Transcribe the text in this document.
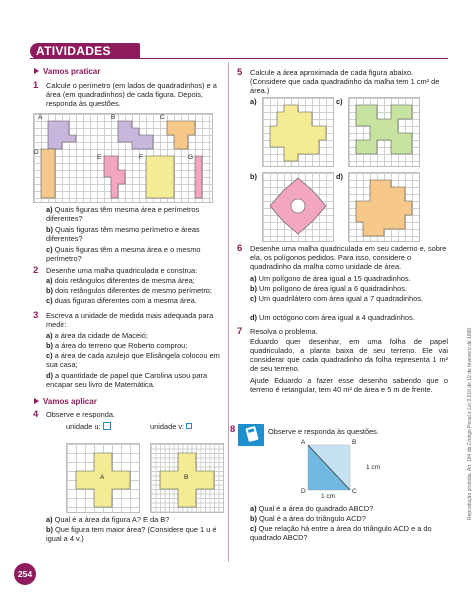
ATIVIDADES
Vamos praticar
1 Calcule o perímetro (em lados de quadradinhos) e a área (em quadradinhos) de cada figura. Depois, responda às questões.
A	B	C
D
E	F	G
a) Quais figuras têm mesma área e perímetros diferentes?
b) Quais figuras têm mesmo perímetro e áreas diferentes?
c) Quais figuras têm a mesma área e o mesmo perímetro?
2 Desenhe uma malha quadriculada e construa:
a) dois retângulos diferentes de mesma área;
b) dois retângulos diferentes de mesmo perímetro;
c) duas figuras diferentes com a mesma área.
3 Escreva a unidade de medida mais adequada para medir:
a) a área da cidade de Maceió;
b) a área do terreno que Roberto comprou;
c) a área de cada azulejo que Elisângela colocou em sua casa;
d) a quantidade de papel que Carolina usou para encapar seu livro de Matemática.
Vamos aplicar
4 Observe e responda.
unidade u:	unidade v:
A	B
a) Qual é a área da figura A? E da B?
b) Que figura tem maior área? (Considere que 1 u é igual a 4 v.)
254
5 Calcule a área aproximada de cada figura abaixo. (Considere que cada quadradinho da malha tem 1 cm² de área.)
a)	c)
b)	d)
6 Desenhe uma malha quadriculada em seu caderno e, sobre ela, os polígonos pedidos. Para isso, considere o quadradinho da malha como unidade de área.
a) Um polígono de área igual a 15 quadradinhos.
b) Um polígono de área igual a 6 quadradinhos.
c) Um quadrilátero com área igual a 7 quadradinhos.
d) Um octógono com área igual a 4 quadradinhos.
7 Resolva o problema.
Eduardo quer desenhar, em uma folha de papel quadriculado, a planta baixa de seu terreno. Ele vai considerar que cada quadradinho da folha representa 1 m² de seu terreno.
Ajude Eduardo a fazer esse desenho sabendo que o terreno é retangular, tem 40 m² de área e 5 m de frente.
8	Observe e responda às questões.
A	B
C
D
1 cm
1 cm
a) Qual é a área do quadrado ABCD?
b) Qual é a área do triângulo ACD?
c) Que relação há entre a área do triângulo ACD e a do quadrado ABCD?
Reprodução proibida. Art. 184 do Código Penal e Lei 9.610 de 19 de fevereiro de 1998.
